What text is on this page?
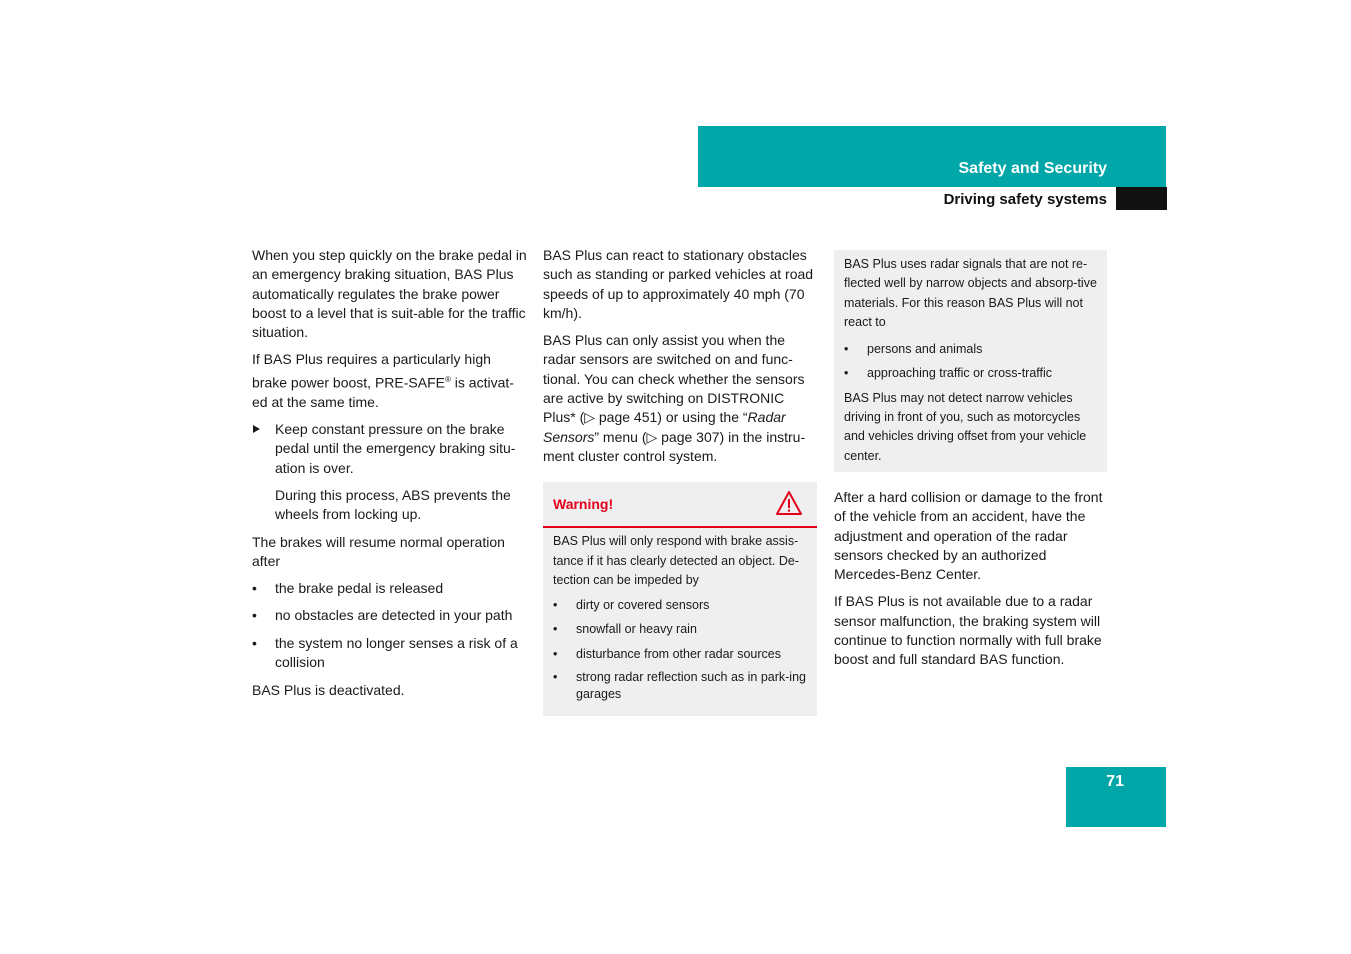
Safety and Security
Driving safety systems

When you step quickly on the brake pedal in an emergency braking situation, BAS Plus automatically regulates the brake power boost to a level that is suit-able for the traffic situation.

If BAS Plus requires a particularly high brake power boost, PRE-SAFE® is activat-ed at the same time.

Keep constant pressure on the brake pedal until the emergency braking situ-ation is over.

During this process, ABS prevents the wheels from locking up.

The brakes will resume normal operation after

• the brake pedal is released
• no obstacles are detected in your path
• the system no longer senses a risk of a collision

BAS Plus is deactivated.

BAS Plus can react to stationary obstacles such as standing or parked vehicles at road speeds of up to approximately 40 mph (70 km/h).

BAS Plus can only assist you when the radar sensors are switched on and func-tional. You can check whether the sensors are active by switching on DISTRONIC Plus* (▷ page 451) or using the “Radar Sensors” menu (▷ page 307) in the instru-ment cluster control system.

Warning!

BAS Plus will only respond with brake assis-tance if it has clearly detected an object. De-tection can be impeded by

• dirty or covered sensors
• snowfall or heavy rain
• disturbance from other radar sources
• strong radar reflection such as in park-ing garages

BAS Plus uses radar signals that are not re-flected well by narrow objects and absorp-tive materials. For this reason BAS Plus will not react to

• persons and animals
• approaching traffic or cross-traffic

BAS Plus may not detect narrow vehicles driving in front of you, such as motorcycles and vehicles driving offset from your vehicle center.

After a hard collision or damage to the front of the vehicle from an accident, have the adjustment and operation of the radar sensors checked by an authorized Mercedes-Benz Center.

If BAS Plus is not available due to a radar sensor malfunction, the braking system will continue to function normally with full brake boost and full standard BAS function.

71
